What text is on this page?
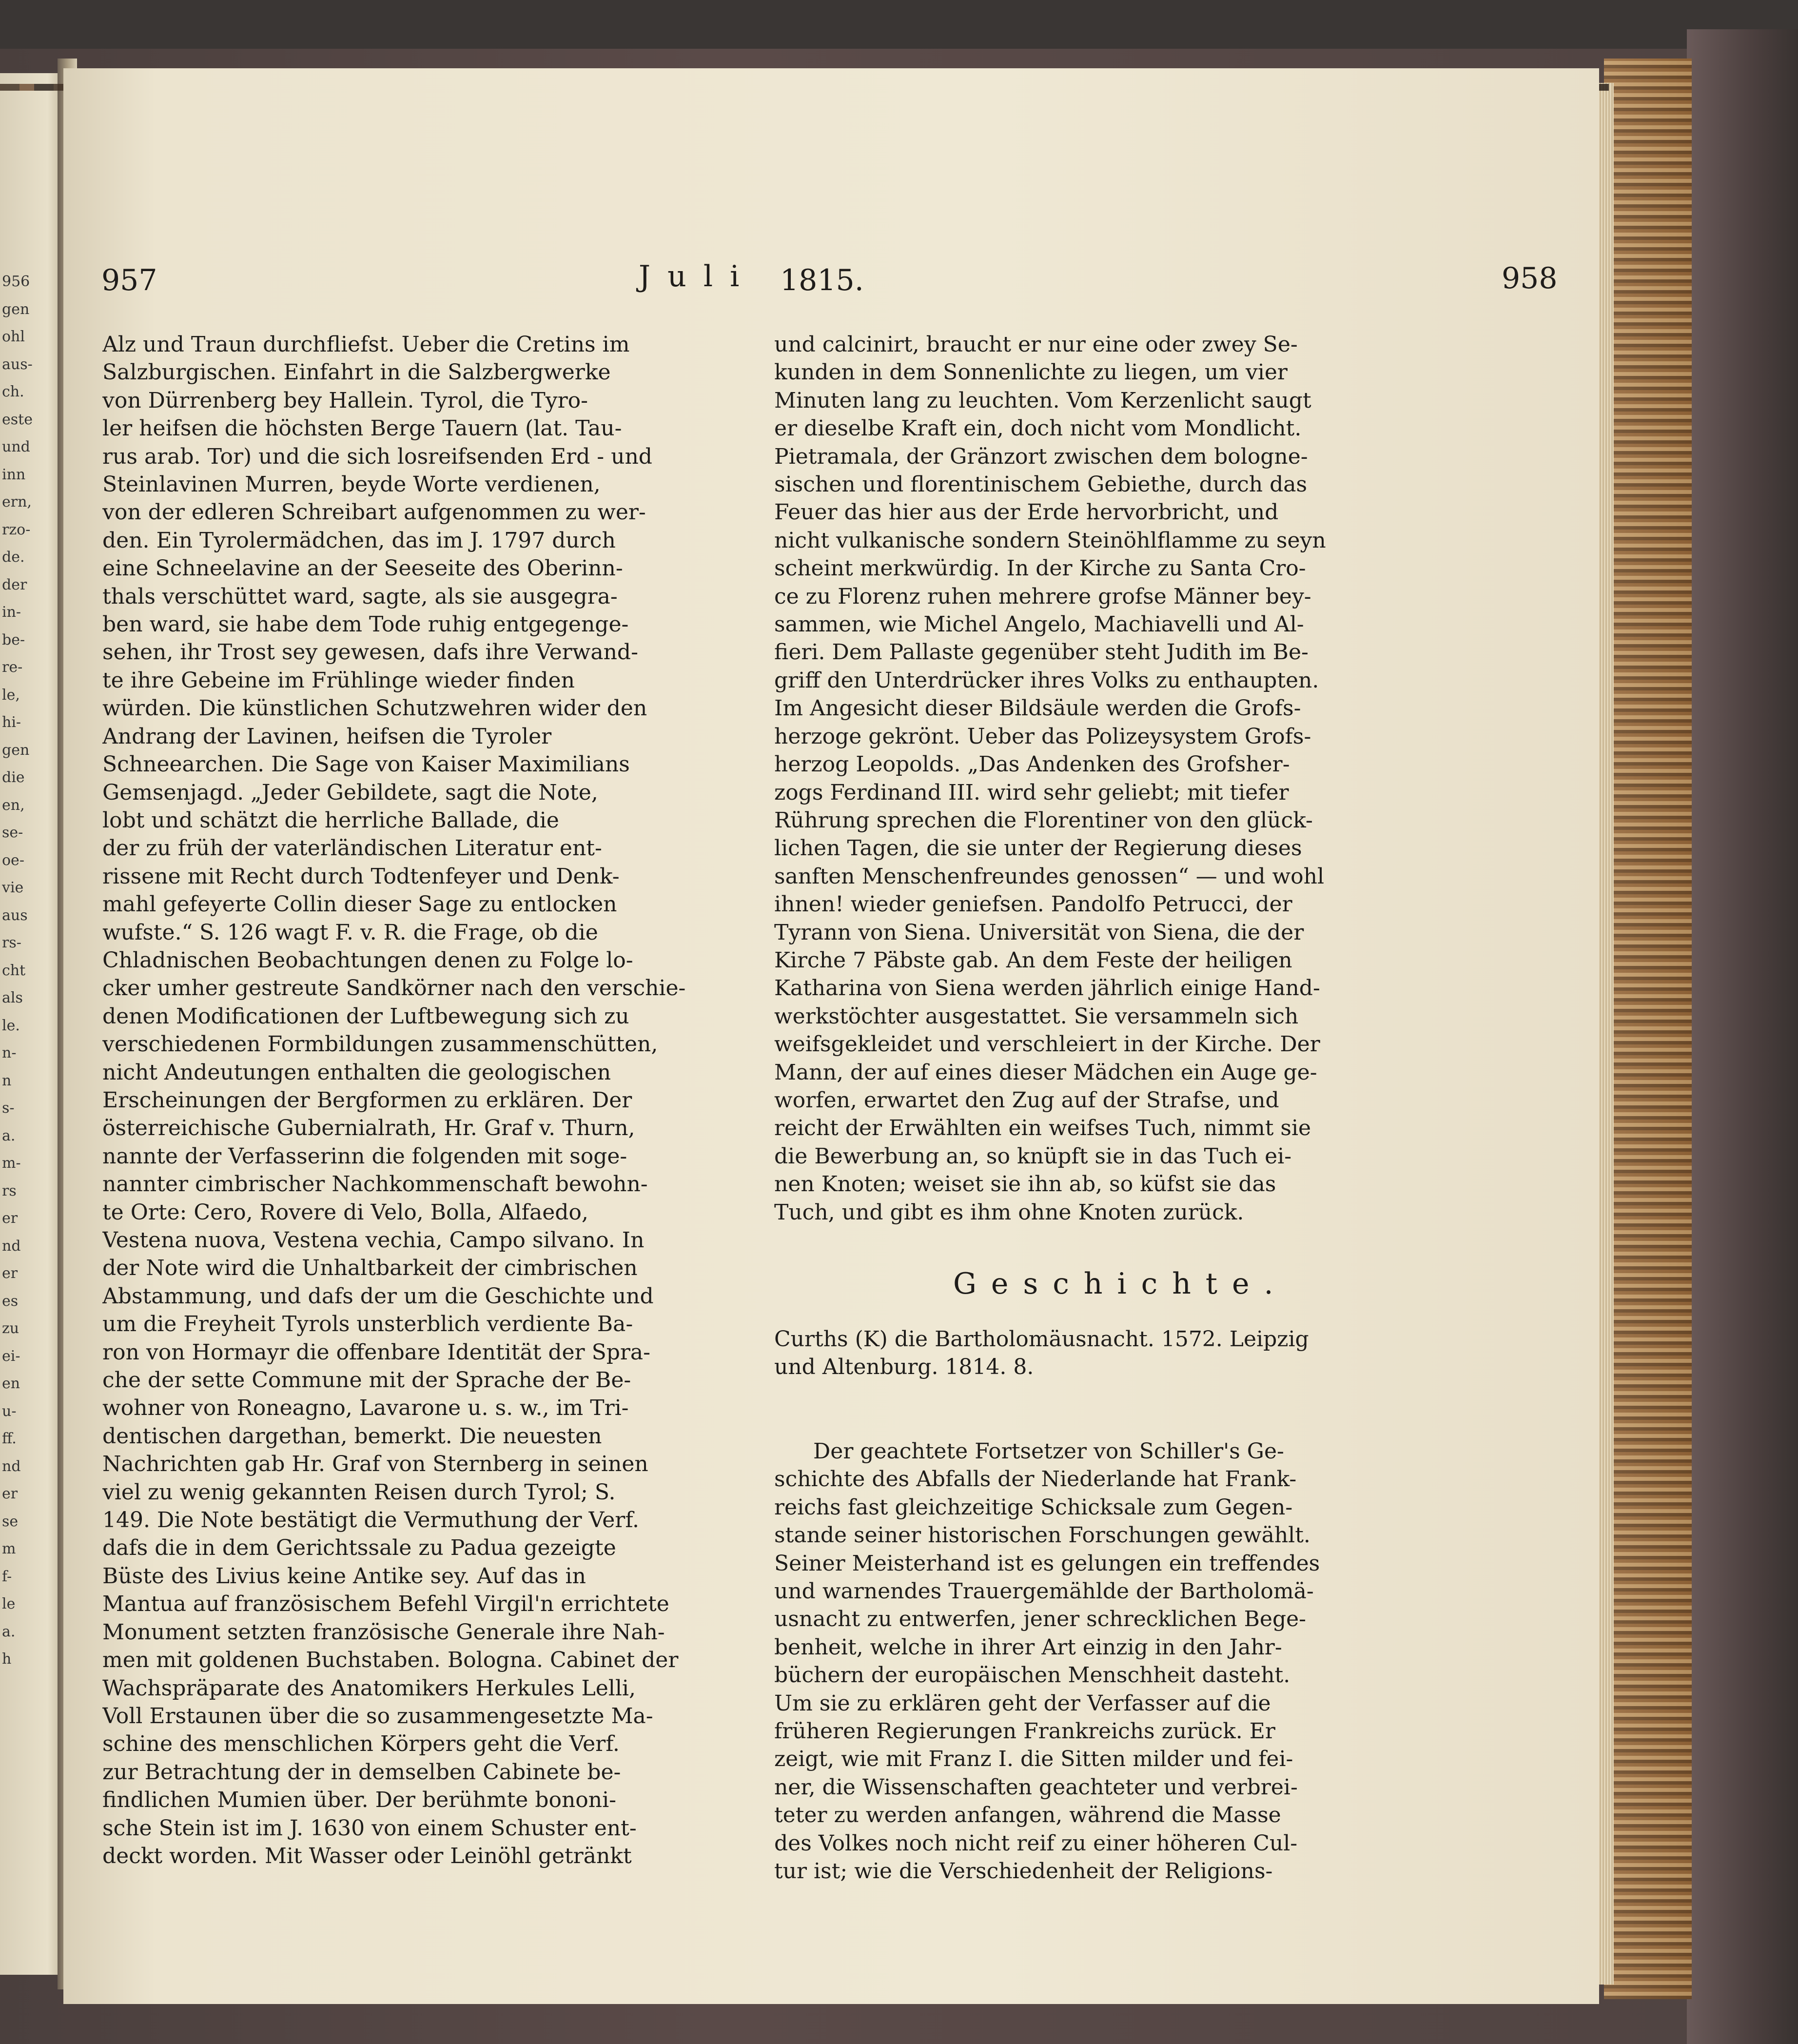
956
gen
ohl
aus-
ch.
este
und
inn
ern,
rzo-
de.
der
in-
be-
re-
le,
hi-
gen
die
en,
se-
oe-
vie
aus
rs-
cht
als
le.
n-
n
s-
a.
m-
rs
er
nd
er
es
zu
ei-
en
u-
ff.
nd
er
se
m
f-
le
a.
h
957	J u l i 1815.	958
Alz und Traun durchfliefst. Ueber die Cretins im
Salzburgischen. Einfahrt in die Salzbergwerke
von Dürrenberg bey Hallein. Tyrol, die Tyro-
ler heifsen die höchsten Berge Tauern (lat. Tau-
rus arab. Tor) und die sich losreifsenden Erd - und
Steinlavinen Murren, beyde Worte verdienen,
von der edleren Schreibart aufgenommen zu wer-
den. Ein Tyrolermädchen, das im J. 1797 durch
eine Schneelavine an der Seeseite des Oberinn-
thals verschüttet ward, sagte, als sie ausgegra-
ben ward, sie habe dem Tode ruhig entgegenge-
sehen, ihr Trost sey gewesen, dafs ihre Verwand-
te ihre Gebeine im Frühlinge wieder finden
würden. Die künstlichen Schutzwehren wider den
Andrang der Lavinen, heifsen die Tyroler
Schneearchen. Die Sage von Kaiser Maximilians
Gemsenjagd. „Jeder Gebildete, sagt die Note,
lobt und schätzt die herrliche Ballade, die
der zu früh der vaterländischen Literatur ent-
rissene mit Recht durch Todtenfeyer und Denk-
mahl gefeyerte Collin dieser Sage zu entlocken
wufste.“ S. 126 wagt F. v. R. die Frage, ob die
Chladnischen Beobachtungen denen zu Folge lo-
cker umher gestreute Sandkörner nach den verschie-
denen Modificationen der Luftbewegung sich zu
verschiedenen Formbildungen zusammenschütten,
nicht Andeutungen enthalten die geologischen
Erscheinungen der Bergformen zu erklären. Der
österreichische Gubernialrath, Hr. Graf v. Thurn,
nannte der Verfasserinn die folgenden mit soge-
nannter cimbrischer Nachkommenschaft bewohn-
te Orte: Cero, Rovere di Velo, Bolla, Alfaedo,
Vestena nuova, Vestena vechia, Campo silvano. In
der Note wird die Unhaltbarkeit der cimbrischen
Abstammung, und dafs der um die Geschichte und
um die Freyheit Tyrols unsterblich verdiente Ba-
ron von Hormayr die offenbare Identität der Spra-
che der sette Commune mit der Sprache der Be-
wohner von Roneagno, Lavarone u. s. w., im Tri-
dentischen dargethan, bemerkt. Die neuesten
Nachrichten gab Hr. Graf von Sternberg in seinen
viel zu wenig gekannten Reisen durch Tyrol; S.
149. Die Note bestätigt die Vermuthung der Verf.
dafs die in dem Gerichtssale zu Padua gezeigte
Büste des Livius keine Antike sey. Auf das in
Mantua auf französischem Befehl Virgil'n errichtete
Monument setzten französische Generale ihre Nah-
men mit goldenen Buchstaben. Bologna. Cabinet der
Wachspräparate des Anatomikers Herkules Lelli,
Voll Erstaunen über die so zusammengesetzte Ma-
schine des menschlichen Körpers geht die Verf.
zur Betrachtung der in demselben Cabinete be-
findlichen Mumien über. Der berühmte bononi-
sche Stein ist im J. 1630 von einem Schuster ent-
deckt worden. Mit Wasser oder Leinöhl getränkt
und calcinirt, braucht er nur eine oder zwey Se-
kunden in dem Sonnenlichte zu liegen, um vier
Minuten lang zu leuchten. Vom Kerzenlicht saugt
er dieselbe Kraft ein, doch nicht vom Mondlicht.
Pietramala, der Gränzort zwischen dem bologne-
sischen und florentinischem Gebiethe, durch das
Feuer das hier aus der Erde hervorbricht, und
nicht vulkanische sondern Steinöhlflamme zu seyn
scheint merkwürdig. In der Kirche zu Santa Cro-
ce zu Florenz ruhen mehrere grofse Männer bey-
sammen, wie Michel Angelo, Machiavelli und Al-
fieri. Dem Pallaste gegenüber steht Judith im Be-
griff den Unterdrücker ihres Volks zu enthaupten.
Im Angesicht dieser Bildsäule werden die Grofs-
herzoge gekrönt. Ueber das Polizeysystem Grofs-
herzog Leopolds. „Das Andenken des Grofsher-
zogs Ferdinand III. wird sehr geliebt; mit tiefer
Rührung sprechen die Florentiner von den glück-
lichen Tagen, die sie unter der Regierung dieses
sanften Menschenfreundes genossen“ — und wohl
ihnen! wieder geniefsen. Pandolfo Petrucci, der
Tyrann von Siena. Universität von Siena, die der
Kirche 7 Päbste gab. An dem Feste der heiligen
Katharina von Siena werden jährlich einige Hand-
werkstöchter ausgestattet. Sie versammeln sich
weifsgekleidet und verschleiert in der Kirche. Der
Mann, der auf eines dieser Mädchen ein Auge ge-
worfen, erwartet den Zug auf der Strafse, und
reicht der Erwählten ein weifses Tuch, nimmt sie
die Bewerbung an, so knüpft sie in das Tuch ei-
nen Knoten; weiset sie ihn ab, so küfst sie das
Tuch, und gibt es ihm ohne Knoten zurück.
Geschichte.
Curths (K) die Bartholomäusnacht. 1572. Leipzig
und Altenburg. 1814. 8.
Der geachtete Fortsetzer von Schiller's Ge-
schichte des Abfalls der Niederlande hat Frank-
reichs fast gleichzeitige Schicksale zum Gegen-
stande seiner historischen Forschungen gewählt.
Seiner Meisterhand ist es gelungen ein treffendes
und warnendes Trauergemählde der Bartholomä-
usnacht zu entwerfen, jener schrecklichen Bege-
benheit, welche in ihrer Art einzig in den Jahr-
büchern der europäischen Menschheit dasteht.
Um sie zu erklären geht der Verfasser auf die
früheren Regierungen Frankreichs zurück. Er
zeigt, wie mit Franz I. die Sitten milder und fei-
ner, die Wissenschaften geachteter und verbrei-
teter zu werden anfangen, während die Masse
des Volkes noch nicht reif zu einer höheren Cul-
tur ist; wie die Verschiedenheit der Religions-
